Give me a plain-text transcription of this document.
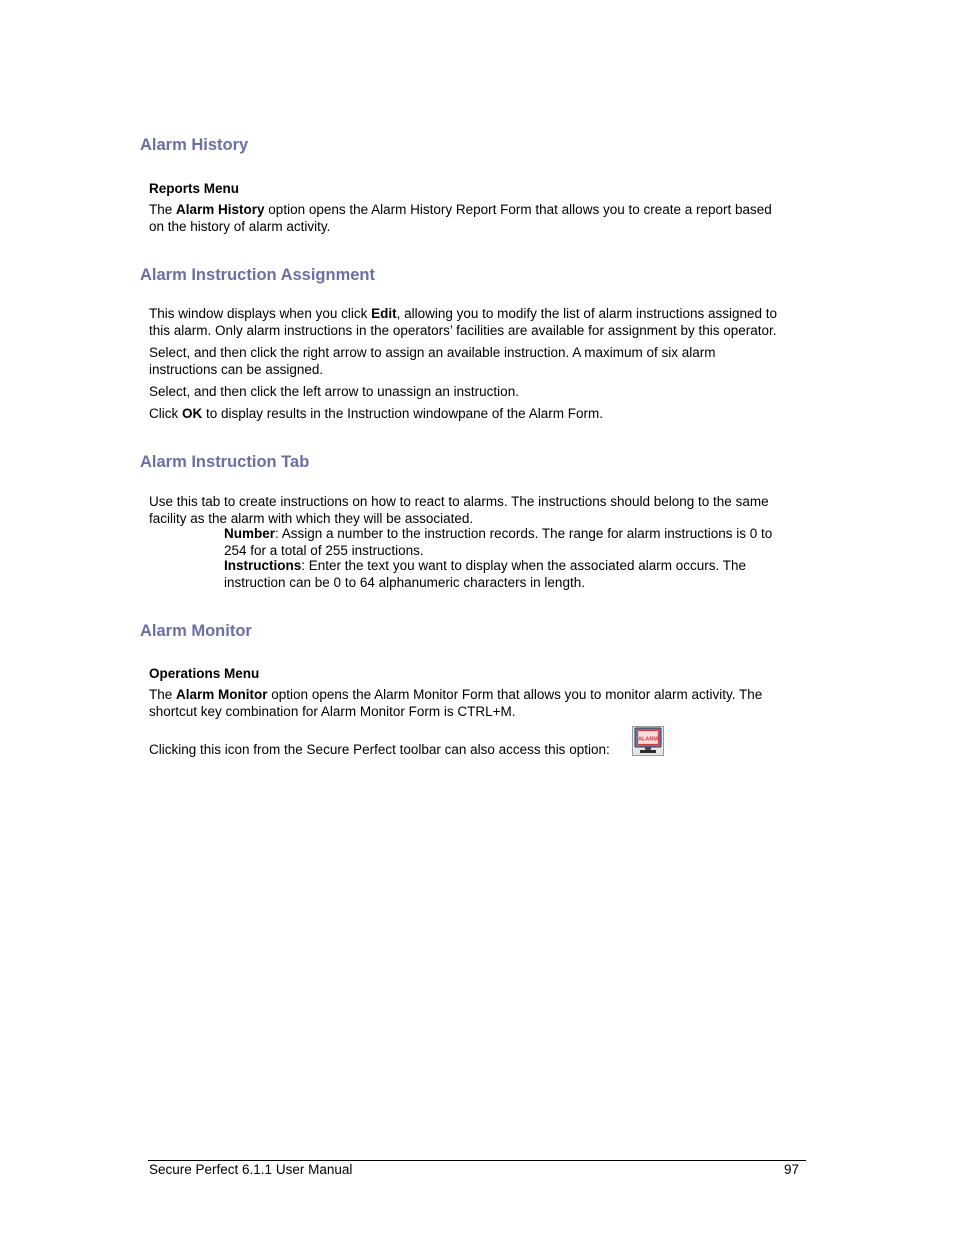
Alarm History
Reports Menu
The Alarm History option opens the Alarm History Report Form that allows you to create a report based
on the history of alarm activity.
Alarm Instruction Assignment
This window displays when you click Edit, allowing you to modify the list of alarm instructions assigned to
this alarm. Only alarm instructions in the operators’ facilities are available for assignment by this operator.
Select, and then click the right arrow to assign an available instruction. A maximum of six alarm
instructions can be assigned.
Select, and then click the left arrow to unassign an instruction.
Click OK to display results in the Instruction windowpane of the Alarm Form.
Alarm Instruction Tab
Use this tab to create instructions on how to react to alarms. The instructions should belong to the same
facility as the alarm with which they will be associated.
Number: Assign a number to the instruction records. The range for alarm instructions is 0 to
254 for a total of 255 instructions.
Instructions: Enter the text you want to display when the associated alarm occurs. The
instruction can be 0 to 64 alphanumeric characters in length.
Alarm Monitor
Operations Menu
The Alarm Monitor option opens the Alarm Monitor Form that allows you to monitor alarm activity. The
shortcut key combination for Alarm Monitor Form is CTRL+M.
Clicking this icon from the Secure Perfect toolbar can also access this option:
ALARM
Secure Perfect 6.1.1 User Manual	97
